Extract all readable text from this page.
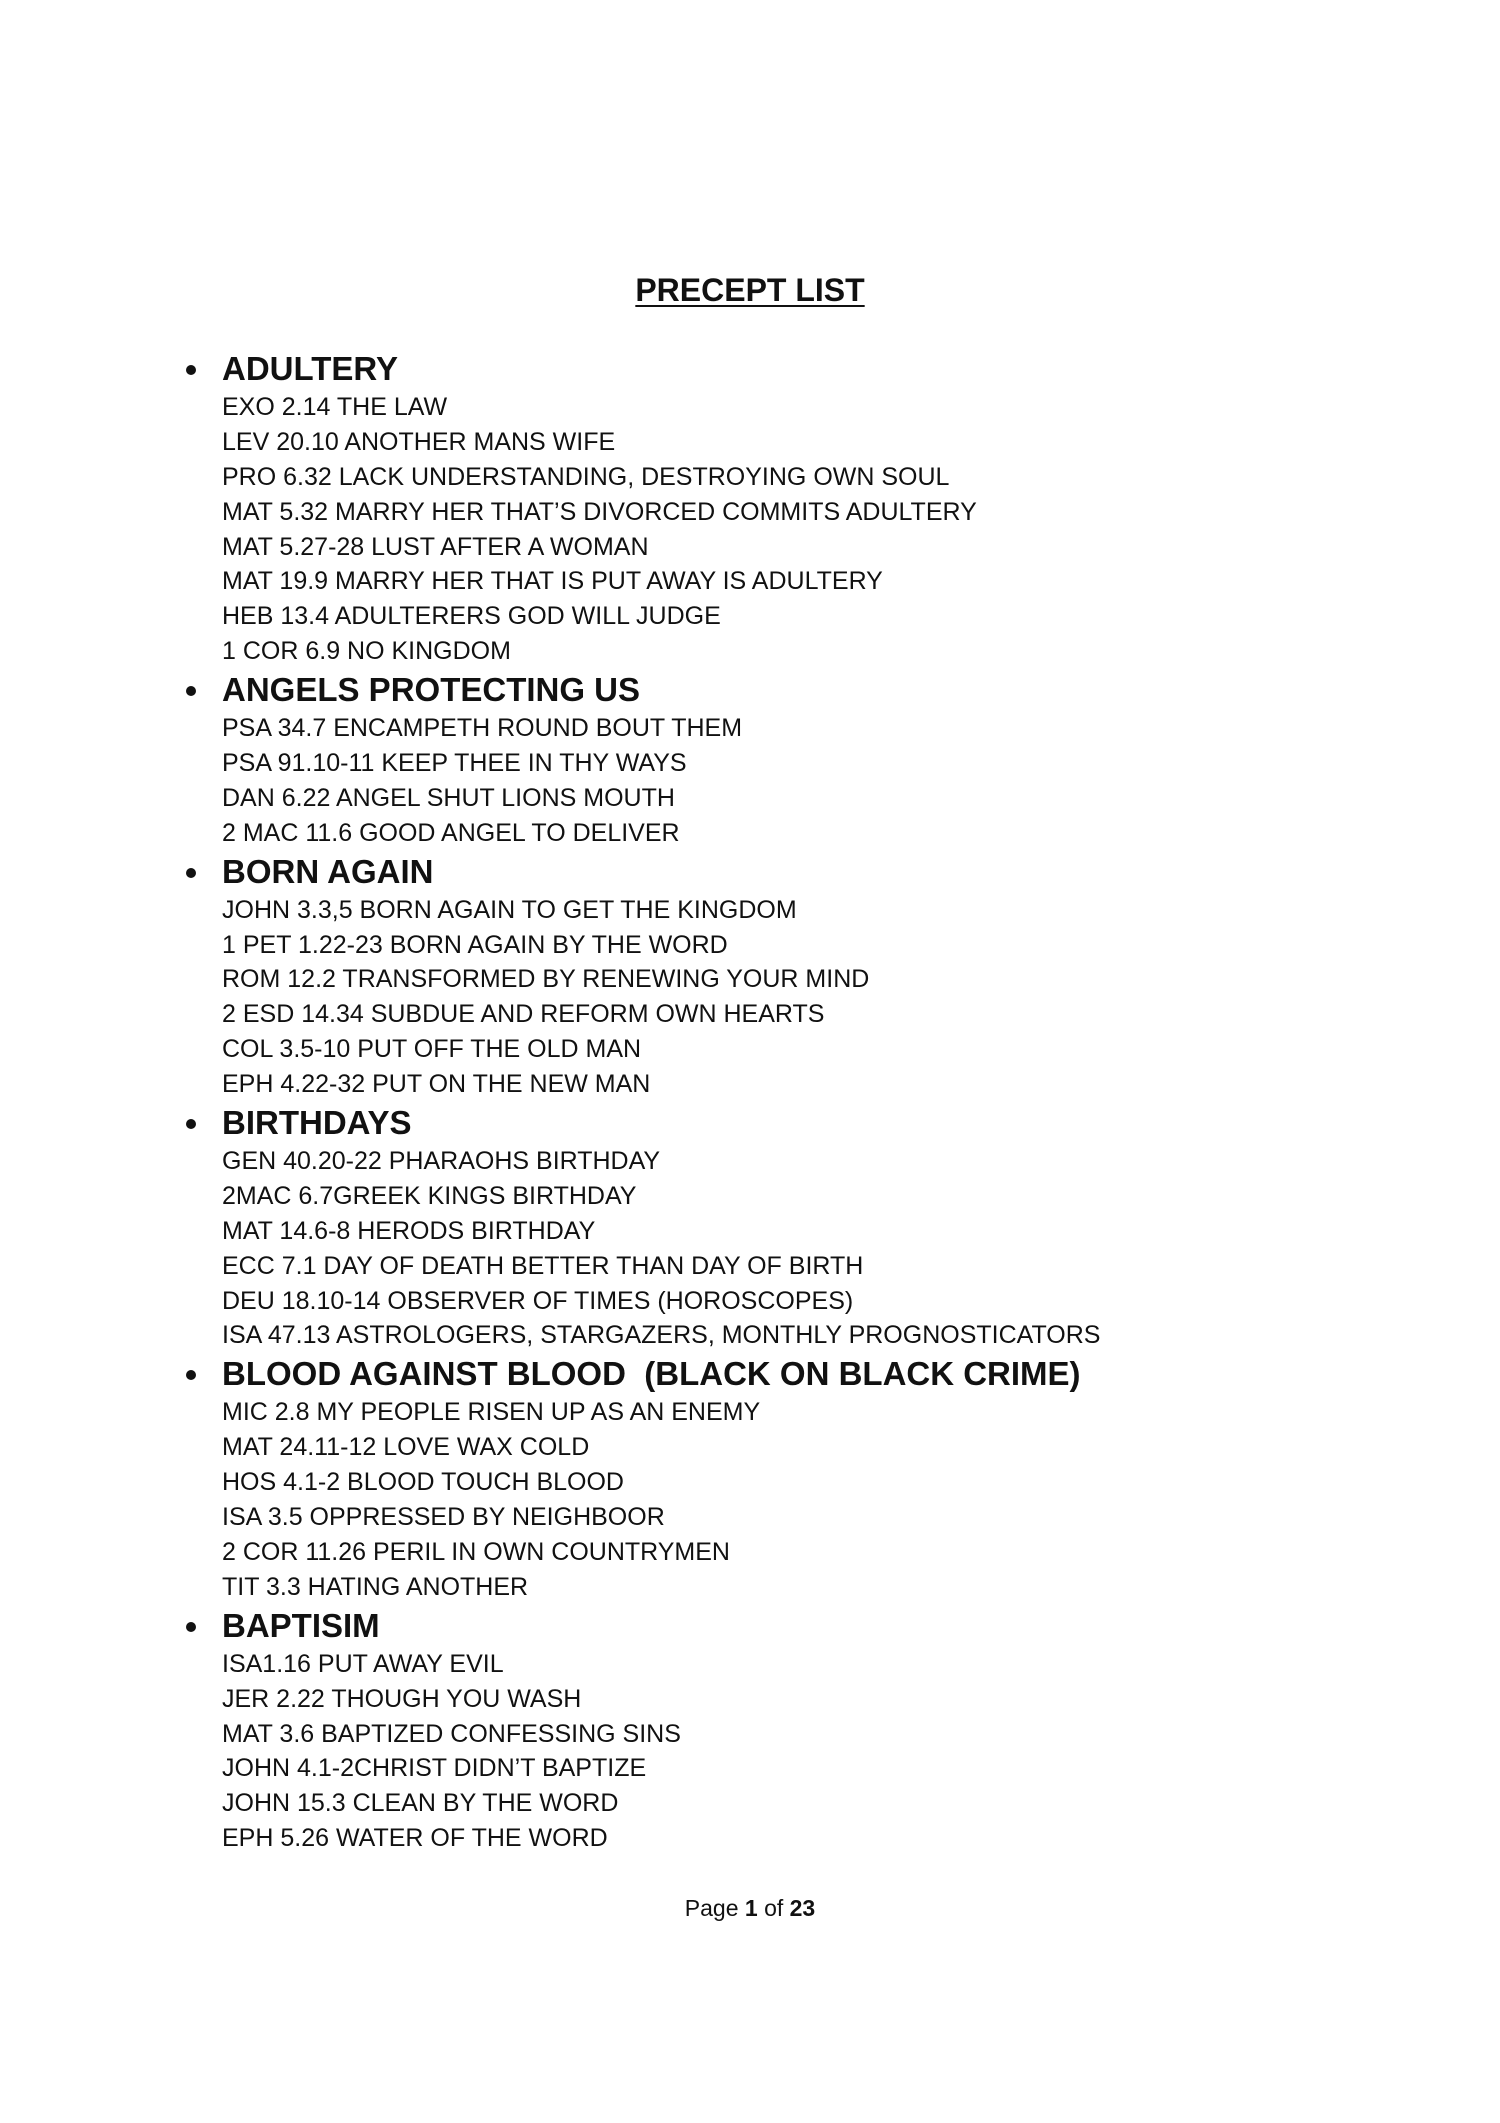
PRECEPT LIST
ADULTERY
EXO 2.14 THE LAW
LEV 20.10 ANOTHER MANS WIFE
PRO 6.32 LACK UNDERSTANDING, DESTROYING OWN SOUL
MAT 5.32 MARRY HER THAT’S DIVORCED COMMITS ADULTERY
MAT 5.27-28 LUST AFTER A WOMAN
MAT 19.9 MARRY HER THAT IS PUT AWAY IS ADULTERY
HEB 13.4 ADULTERERS GOD WILL JUDGE
1 COR 6.9 NO KINGDOM
ANGELS PROTECTING US
PSA 34.7 ENCAMPETH ROUND BOUT THEM
PSA 91.10-11 KEEP THEE IN THY WAYS
DAN 6.22 ANGEL SHUT LIONS MOUTH
2 MAC 11.6 GOOD ANGEL TO DELIVER
BORN AGAIN
JOHN 3.3,5 BORN AGAIN TO GET THE KINGDOM
1 PET 1.22-23 BORN AGAIN BY THE WORD
ROM 12.2 TRANSFORMED BY RENEWING YOUR MIND
2 ESD 14.34 SUBDUE AND REFORM OWN HEARTS
COL 3.5-10 PUT OFF THE OLD MAN
EPH 4.22-32 PUT ON THE NEW MAN
BIRTHDAYS
GEN 40.20-22 PHARAOHS BIRTHDAY
2MAC 6.7GREEK KINGS BIRTHDAY
MAT 14.6-8 HERODS BIRTHDAY
ECC 7.1 DAY OF DEATH BETTER THAN DAY OF BIRTH
DEU 18.10-14 OBSERVER OF TIMES (HOROSCOPES)
ISA 47.13 ASTROLOGERS, STARGAZERS, MONTHLY PROGNOSTICATORS
BLOOD AGAINST BLOOD  (BLACK ON BLACK CRIME)
MIC 2.8 MY PEOPLE RISEN UP AS AN ENEMY
MAT 24.11-12 LOVE WAX COLD
HOS 4.1-2 BLOOD TOUCH BLOOD
ISA 3.5 OPPRESSED BY NEIGHBOOR
2 COR 11.26 PERIL IN OWN COUNTRYMEN
TIT 3.3 HATING ANOTHER
BAPTISIM
ISA1.16 PUT AWAY EVIL
JER 2.22 THOUGH YOU WASH
MAT 3.6 BAPTIZED CONFESSING SINS
JOHN 4.1-2CHRIST DIDN’T BAPTIZE
JOHN 15.3 CLEAN BY THE WORD
EPH 5.26 WATER OF THE WORD
Page 1 of 23
